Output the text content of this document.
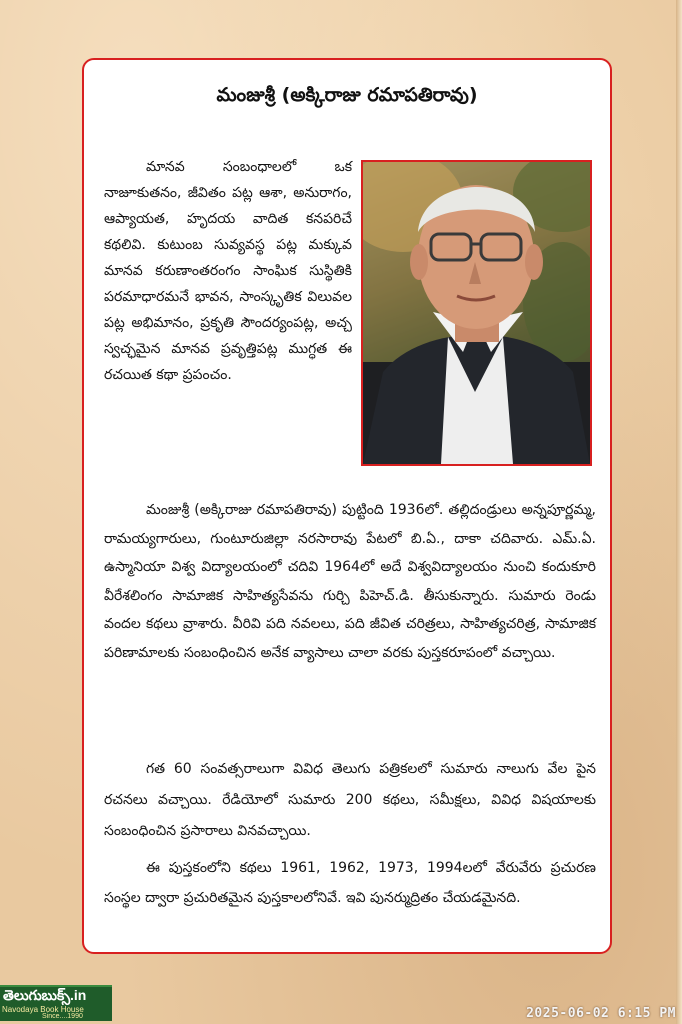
మంజుశ్రీ (అక్కిరాజు రమాపతిరావు)

మానవ సంబంధాలలో ఒక నాజూకుతనం, జీవితం పట్ల ఆశా, అనురాగం, ఆప్యాయత, హృదయ వాదిత కనపరిచే కథలివి. కుటుంబ సువ్యవస్థ పట్ల మక్కువ మానవ కరుణాంతరంగం సాంఘిక సుస్థితికి పరమాధారమనే భావన, సాంస్కృతిక విలువల పట్ల అభిమానం, ప్రకృతి సౌందర్యంపట్ల, అచ్చ స్వచ్ఛమైన మానవ ప్రవృత్తిపట్ల ముగ్ధత ఈ రచయిత కథా ప్రపంచం.

మంజుశ్రీ (అక్కిరాజు రమాపతిరావు) పుట్టింది 1936లో. తల్లిదండ్రులు అన్నపూర్ణమ్మ, రామయ్యగారులు, గుంటూరుజిల్లా నరసారావు పేటలో బి.ఏ., దాకా చదివారు. ఎమ్.ఏ. ఉస్మానియా విశ్వ విద్యాలయంలో చదివి 1964లో అదే విశ్వవిద్యాలయం నుంచి కందుకూరి వీరేశలింగం సామాజిక సాహిత్యసేవను గుర్చి పిహెచ్.డి. తీసుకున్నారు. సుమారు రెండు వందల కథలు వ్రాశారు. వీరివి పది నవలలు, పది జీవిత చరిత్రలు, సాహిత్యచరిత్ర, సామాజిక పరిణామాలకు సంబంధించిన అనేక వ్యాసాలు చాలా వరకు పుస్తకరూపంలో వచ్చాయి.

గత 60 సంవత్సరాలుగా వివిధ తెలుగు పత్రికలలో సుమారు నాలుగు వేల పైన రచనలు వచ్చాయి. రేడియోలో సుమారు 200 కథలు, సమీక్షలు, వివిధ విషయాలకు సంబంధించిన ప్రసారాలు వినవచ్చాయి.

ఈ పుస్తకంలోని కథలు 1961, 1962, 1973, 1994లలో వేరువేరు ప్రచురణ సంస్థల ద్వారా ప్రచురితమైన పుస్తకాలలోనివే. ఇవి పునర్ముద్రితం చేయడమైనది.

తెలుగుబుక్స్.in
Navodaya Book House
Since....1990	2025-06-02 6:15 PM
